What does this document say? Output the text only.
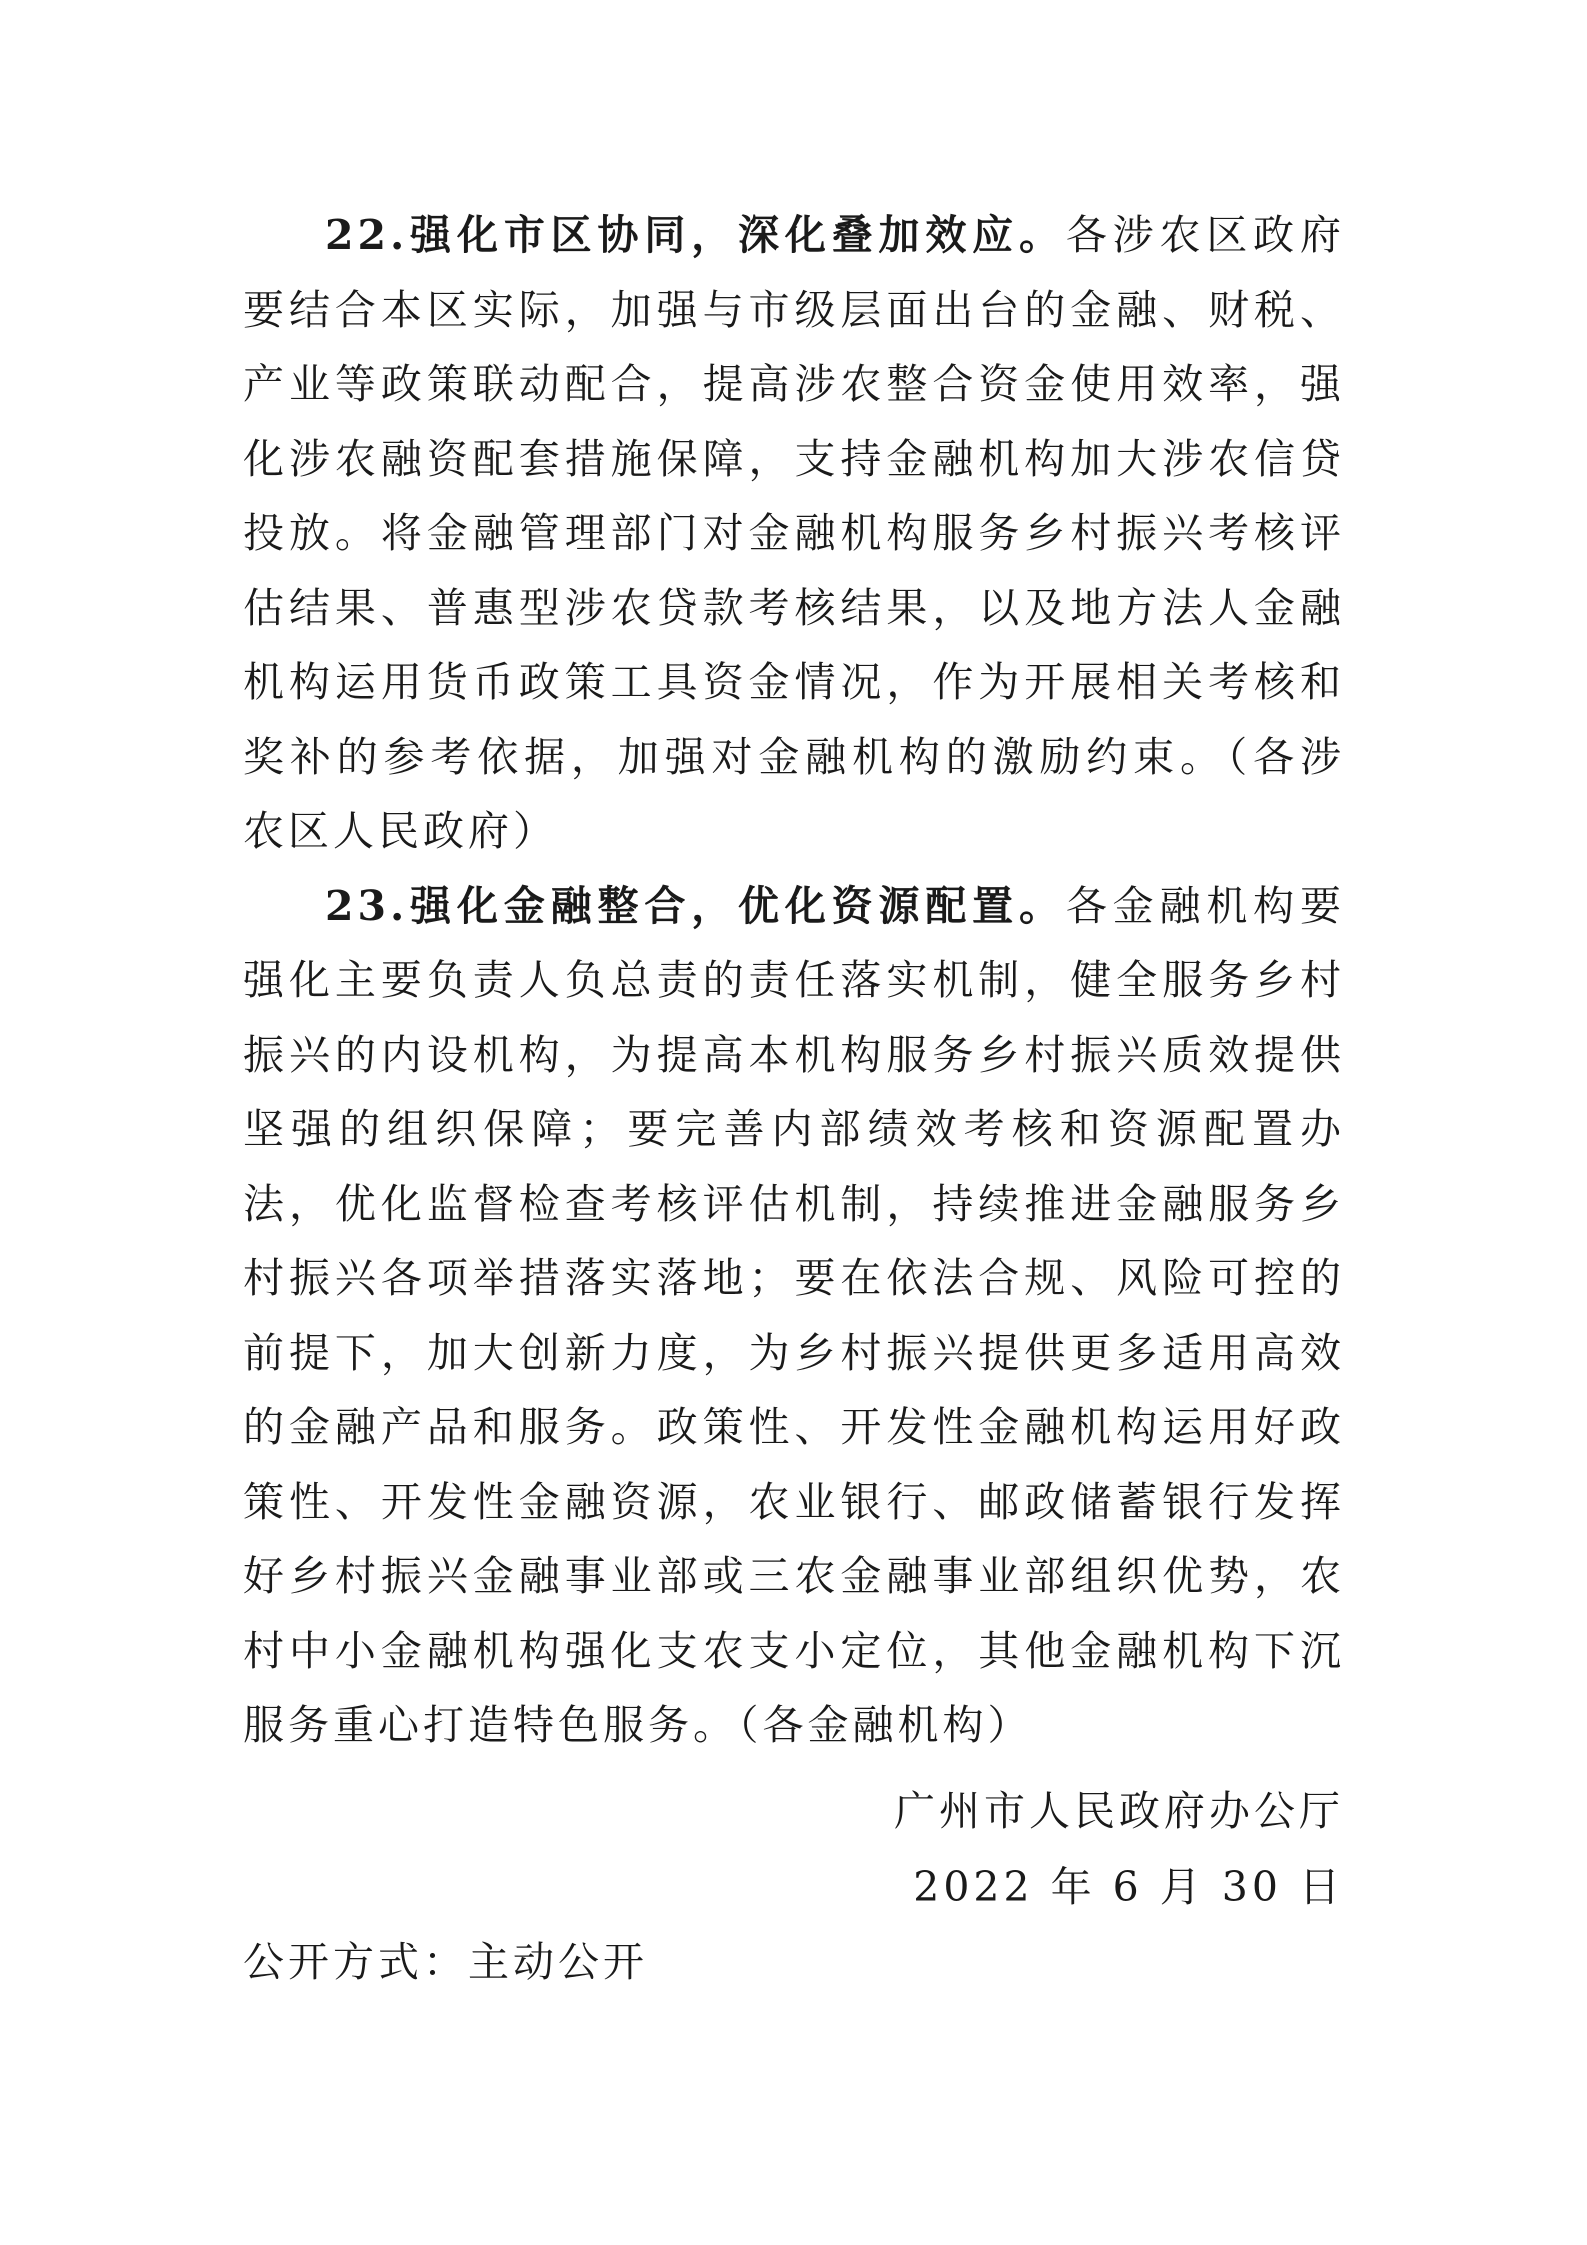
22.强化市区协同，深化叠加效应。各涉农区政府要结合本区实际，加强与市级层面出台的金融、财税、产业等政策联动配合，提高涉农整合资金使用效率，强化涉农融资配套措施保障，支持金融机构加大涉农信贷投放。将金融管理部门对金融机构服务乡村振兴考核评估结果、普惠型涉农贷款考核结果，以及地方法人金融机构运用货币政策工具资金情况，作为开展相关考核和奖补的参考依据，加强对金融机构的激励约束。（各涉农区人民政府）

23.强化金融整合，优化资源配置。各金融机构要强化主要负责人负总责的责任落实机制，健全服务乡村振兴的内设机构，为提高本机构服务乡村振兴质效提供坚强的组织保障；要完善内部绩效考核和资源配置办法，优化监督检查考核评估机制，持续推进金融服务乡村振兴各项举措落实落地；要在依法合规、风险可控的前提下，加大创新力度，为乡村振兴提供更多适用高效的金融产品和服务。政策性、开发性金融机构运用好政策性、开发性金融资源，农业银行、邮政储蓄银行发挥好乡村振兴金融事业部或三农金融事业部组织优势，农村中小金融机构强化支农支小定位，其他金融机构下沉服务重心打造特色服务。（各金融机构）

广州市人民政府办公厅
2022 年 6 月 30 日
公开方式：主动公开
